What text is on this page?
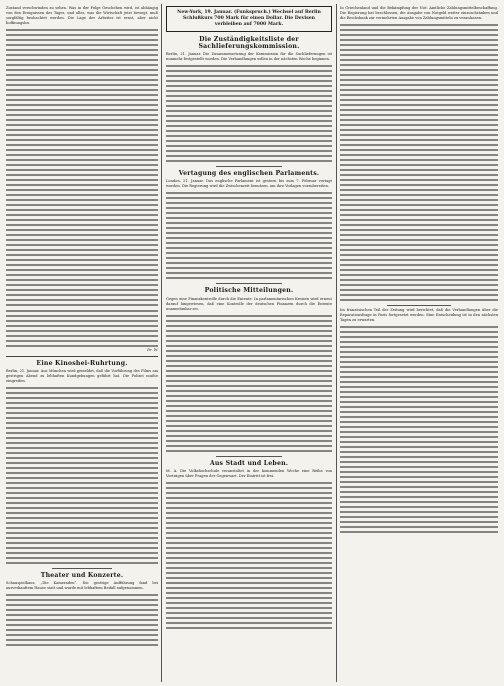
Zustand verschwinden zu sehen. Was in der Folge Geschehen wird, ist abhängig von den Ereignissen des Tages, und alles, was die Wirtschaft jetzt bewegt, muß sorgfältig beobachtet werden. Die Lage der Arbeiter ist ernst, aber nicht hoffnungslos.

Dr. W.
Eine Kinoshei-Ruhrtung.

Berlin, 21. Januar. Aus München wird gemeldet, daß die Vorführung des Films am gestrigen Abend zu lebhaften Kundgebungen geführt hat. Die Polizei mußte eingreifen.

Theater und Konzerte.

Schauspielhaus. „Die Kameraden“. Die gestrige Aufführung fand bei ausverkauftem Hause statt und wurde mit lebhaftem Beifall aufgenommen.

New-York, 19. Januar. (Funkspruch.) Wechsel auf Berlin Schlußkurs 700 Mark für einen Dollar. Die Devisen verbleiben auf 7000 Mark.
Die Zuständigkeitsliste der Sachlieferungskommission.

Berlin, 21. Januar. Die Zusammensetzung der Kommission für die Sachlieferungen ist nunmehr festgestellt worden. Die Verhandlungen sollen in der nächsten Woche beginnen.

Vertagung des englischen Parlaments.

London, 21. Januar. Das englische Parlament ist gestern bis zum 7. Februar vertagt worden. Die Regierung wird die Zwischenzeit benutzen, um ihre Vorlagen vorzubereiten.

Politische Mitteilungen.

Gegen eine Finanzkontrolle durch die Entente. In parlamentarischen Kreisen wird erneut darauf hingewiesen, daß eine Kontrolle der deutschen Finanzen durch die Entente unannehmbar sei.

Aus Stadt und Leben.

M. A. Die Volkshochschule veranstaltet in der kommenden Woche eine Reihe von Vorträgen über Fragen der Gegenwart. Der Eintritt ist frei.

In Griechenland und die Bekämpfung der Not: Amtliche Zahlungsmittelbeschaffung. Die Regierung hat beschlossen, die Ausgabe von Notgeld weiter einzuschränken und die Reichsbank zur vermehrten Ausgabe von Zahlungsmitteln zu veranlassen.

Im französischen Teil der Zeitung wird berichtet, daß die Verhandlungen über die Reparationsfrage in Paris fortgesetzt werden. Eine Entscheidung ist in den nächsten Tagen zu erwarten.
